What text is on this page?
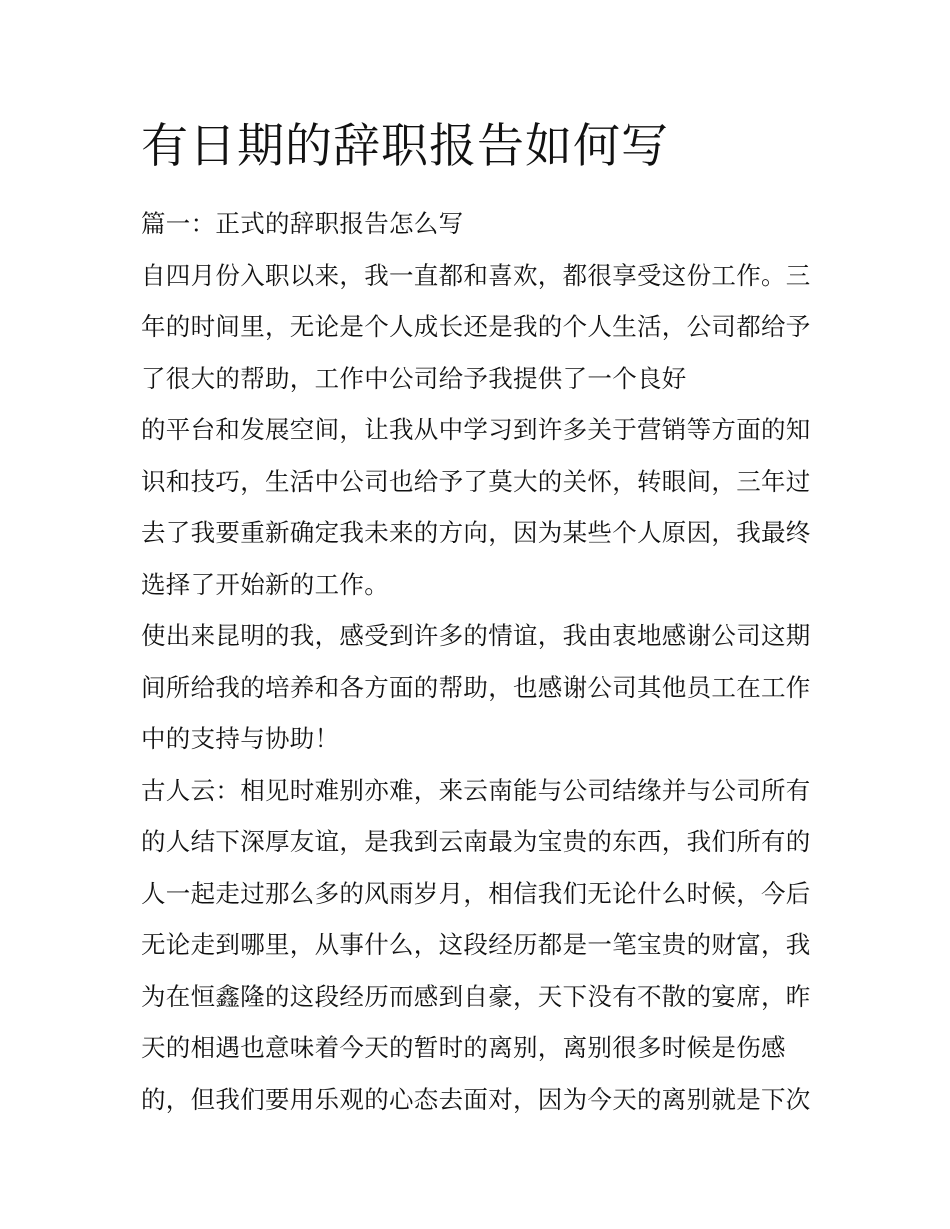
有日期的辞职报告如何写
篇一：正式的辞职报告怎么写
自四月份入职以来，我一直都和喜欢，都很享受这份工作。三
年的时间里，无论是个人成长还是我的个人生活，公司都给予
了很大的帮助，工作中公司给予我提供了一个良好
的平台和发展空间，让我从中学习到许多关于营销等方面的知
识和技巧，生活中公司也给予了莫大的关怀，转眼间，三年过
去了我要重新确定我未来的方向，因为某些个人原因，我最终
选择了开始新的工作。
使出来昆明的我，感受到许多的情谊，我由衷地感谢公司这期
间所给我的培养和各方面的帮助，也感谢公司其他员工在工作
中的支持与协助！
古人云：相见时难别亦难，来云南能与公司结缘并与公司所有
的人结下深厚友谊，是我到云南最为宝贵的东西，我们所有的
人一起走过那么多的风雨岁月，相信我们无论什么时候，今后
无论走到哪里，从事什么，这段经历都是一笔宝贵的财富，我
为在恒鑫隆的这段经历而感到自豪，天下没有不散的宴席，昨
天的相遇也意味着今天的暂时的离别，离别很多时候是伤感
的，但我们要用乐观的心态去面对，因为今天的离别就是下次
